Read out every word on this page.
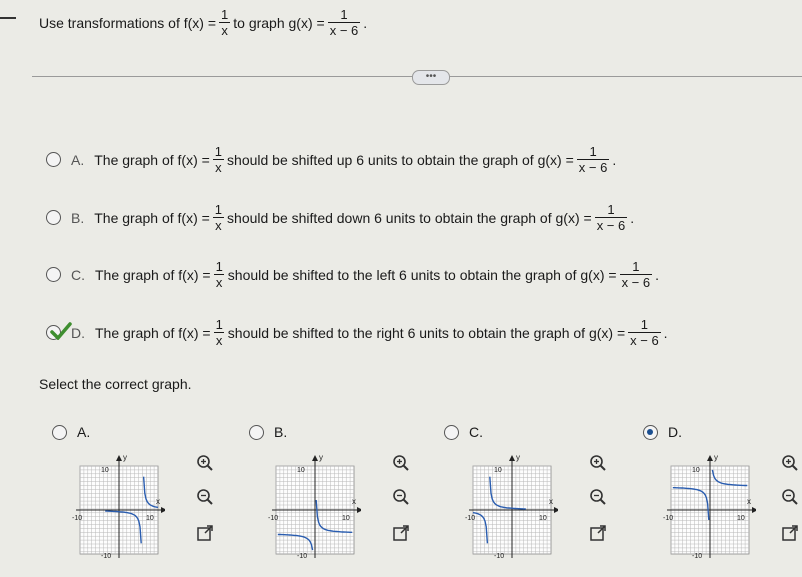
Use transformations of
$f(x) = \frac{1}{x}$ to graph
$g(x) = \frac{1}{x - 6}$ .
•••
A. The graph of
$f(x) = \frac{1}{x}$ should be shifted up 6 units to obtain the graph of
$g(x) = \frac{1}{x - 6}$ .
B. The graph of
$f(x) = \frac{1}{x}$ should be shifted down 6 units to obtain the graph of
$g(x) = \frac{1}{x - 6}$ .
C. The graph of
$f(x) = \frac{1}{x}$ should be shifted to the left 6 units to obtain the graph of
$g(x) = \frac{1}{x - 6}$ .
D. The graph of
$f(x) = \frac{1}{x}$ should be shifted to the right 6 units to obtain the graph of
$g(x) = \frac{1}{x - 6}$ .
Select the correct graph.
A.	B.	C.	D.
y
x
10
10
-10
-10
y
x
10
10
-10
-10
y
x
10
10
-10
-10
y
x
10
10
-10
-10
